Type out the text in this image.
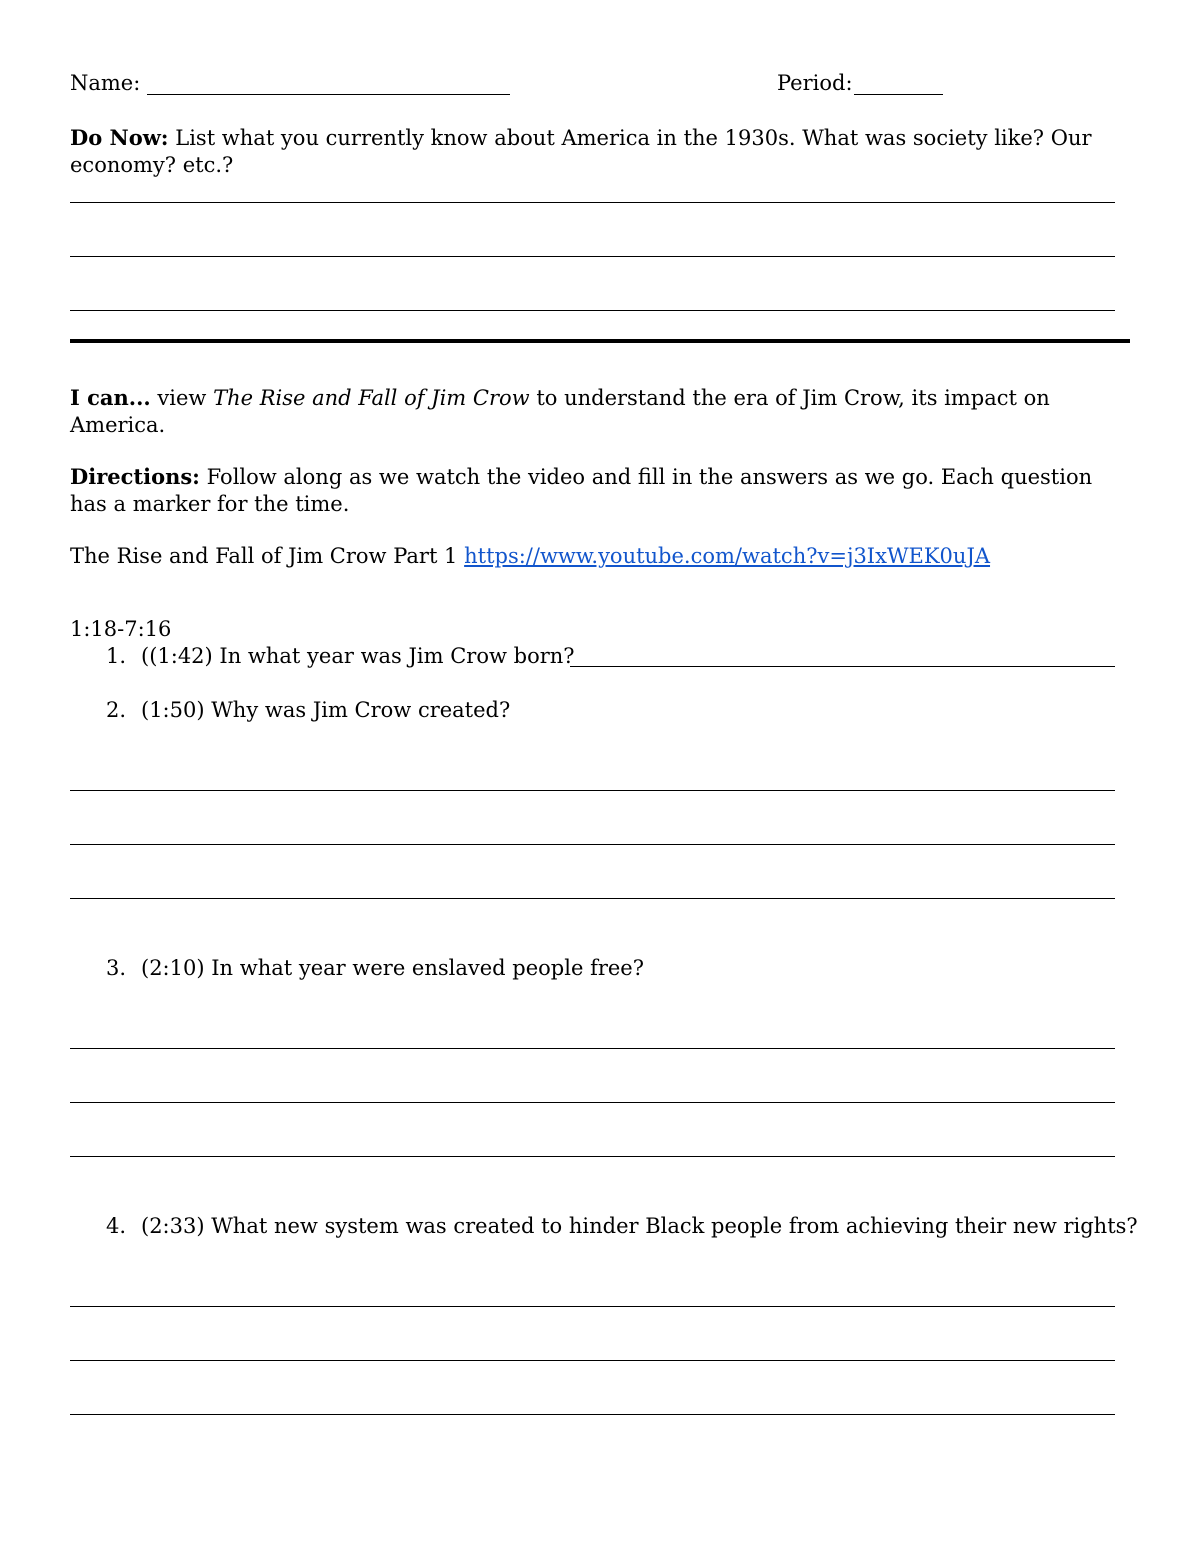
Name:	Period:
Do Now: List what you currently know about America in the 1930s. What was society like? Our economy? etc.?
I can... view The Rise and Fall of Jim Crow to understand the era of Jim Crow, its impact on America.
Directions: Follow along as we watch the video and fill in the answers as we go. Each question has a marker for the time.
The Rise and Fall of Jim Crow Part 1 https://www.youtube.com/watch?v=j3IxWEK0uJA
1:18-7:16
1. ((1:42) In what year was Jim Crow born?
2. (1:50) Why was Jim Crow created?
3. (2:10) In what year were enslaved people free?
4. (2:33) What new system was created to hinder Black people from achieving their new rights?
